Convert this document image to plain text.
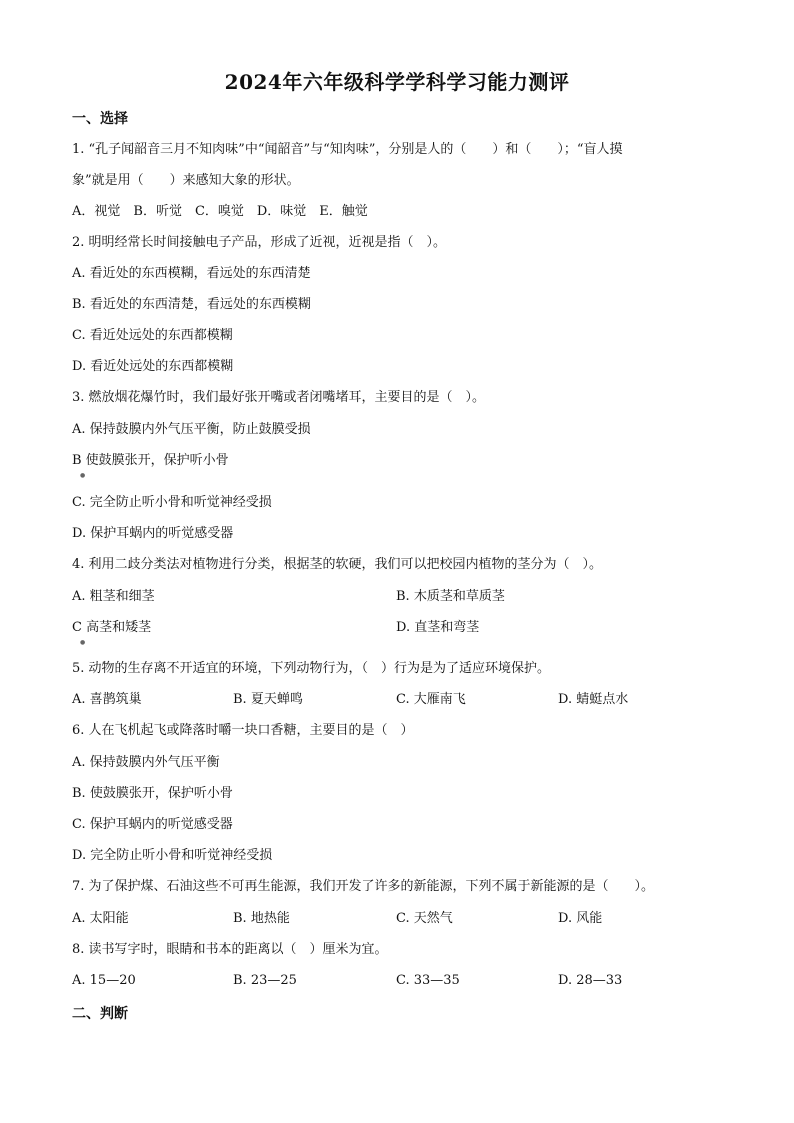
2024年六年级科学学科学习能力测评
一、选择
1. “孔子闻韶音三月不知肉味”中“闻韶音”与“知肉味”，分别是人的（　　）和（　　）；“盲人摸
象”就是用（　　）来感知大象的形状。
A．视觉　B．听觉　C．嗅觉　D．味觉　E．触觉
2. 明明经常长时间接触电子产品，形成了近视，近视是指（　）。
A. 看近处的东西模糊，看远处的东西清楚
B. 看近处的东西清楚，看远处的东西模糊
C. 看近处远处的东西都模糊
D. 看近处远处的东西都模糊
3. 燃放烟花爆竹时，我们最好张开嘴或者闭嘴堵耳，主要目的是（　）。
A. 保持鼓膜内外气压平衡，防止鼓膜受损
B 使鼓膜张开，保护听小骨
●
C. 完全防止听小骨和听觉神经受损
D. 保护耳蜗内的听觉感受器
4. 利用二歧分类法对植物进行分类，根据茎的软硬，我们可以把校园内植物的茎分为（　）。
A. 粗茎和细茎	B. 木质茎和草质茎
C 高茎和矮茎	D. 直茎和弯茎
●
5. 动物的生存离不开适宜的环境，下列动物行为，（　）行为是为了适应环境保护。
A. 喜鹊筑巢	B. 夏天蝉鸣	C. 大雁南飞	D. 蜻蜓点水
6. 人在飞机起飞或降落时嚼一块口香糖，主要目的是（　）
A. 保持鼓膜内外气压平衡
B. 使鼓膜张开，保护听小骨
C. 保护耳蜗内的听觉感受器
D. 完全防止听小骨和听觉神经受损
7. 为了保护煤、石油这些不可再生能源，我们开发了许多的新能源，下列不属于新能源的是（　　）。
A. 太阳能	B. 地热能	C. 天然气	D. 风能
8. 读书写字时，眼睛和书本的距离以（　）厘米为宜。
A. 15—20	B. 23—25	C. 33—35	D. 28—33
二、判断
